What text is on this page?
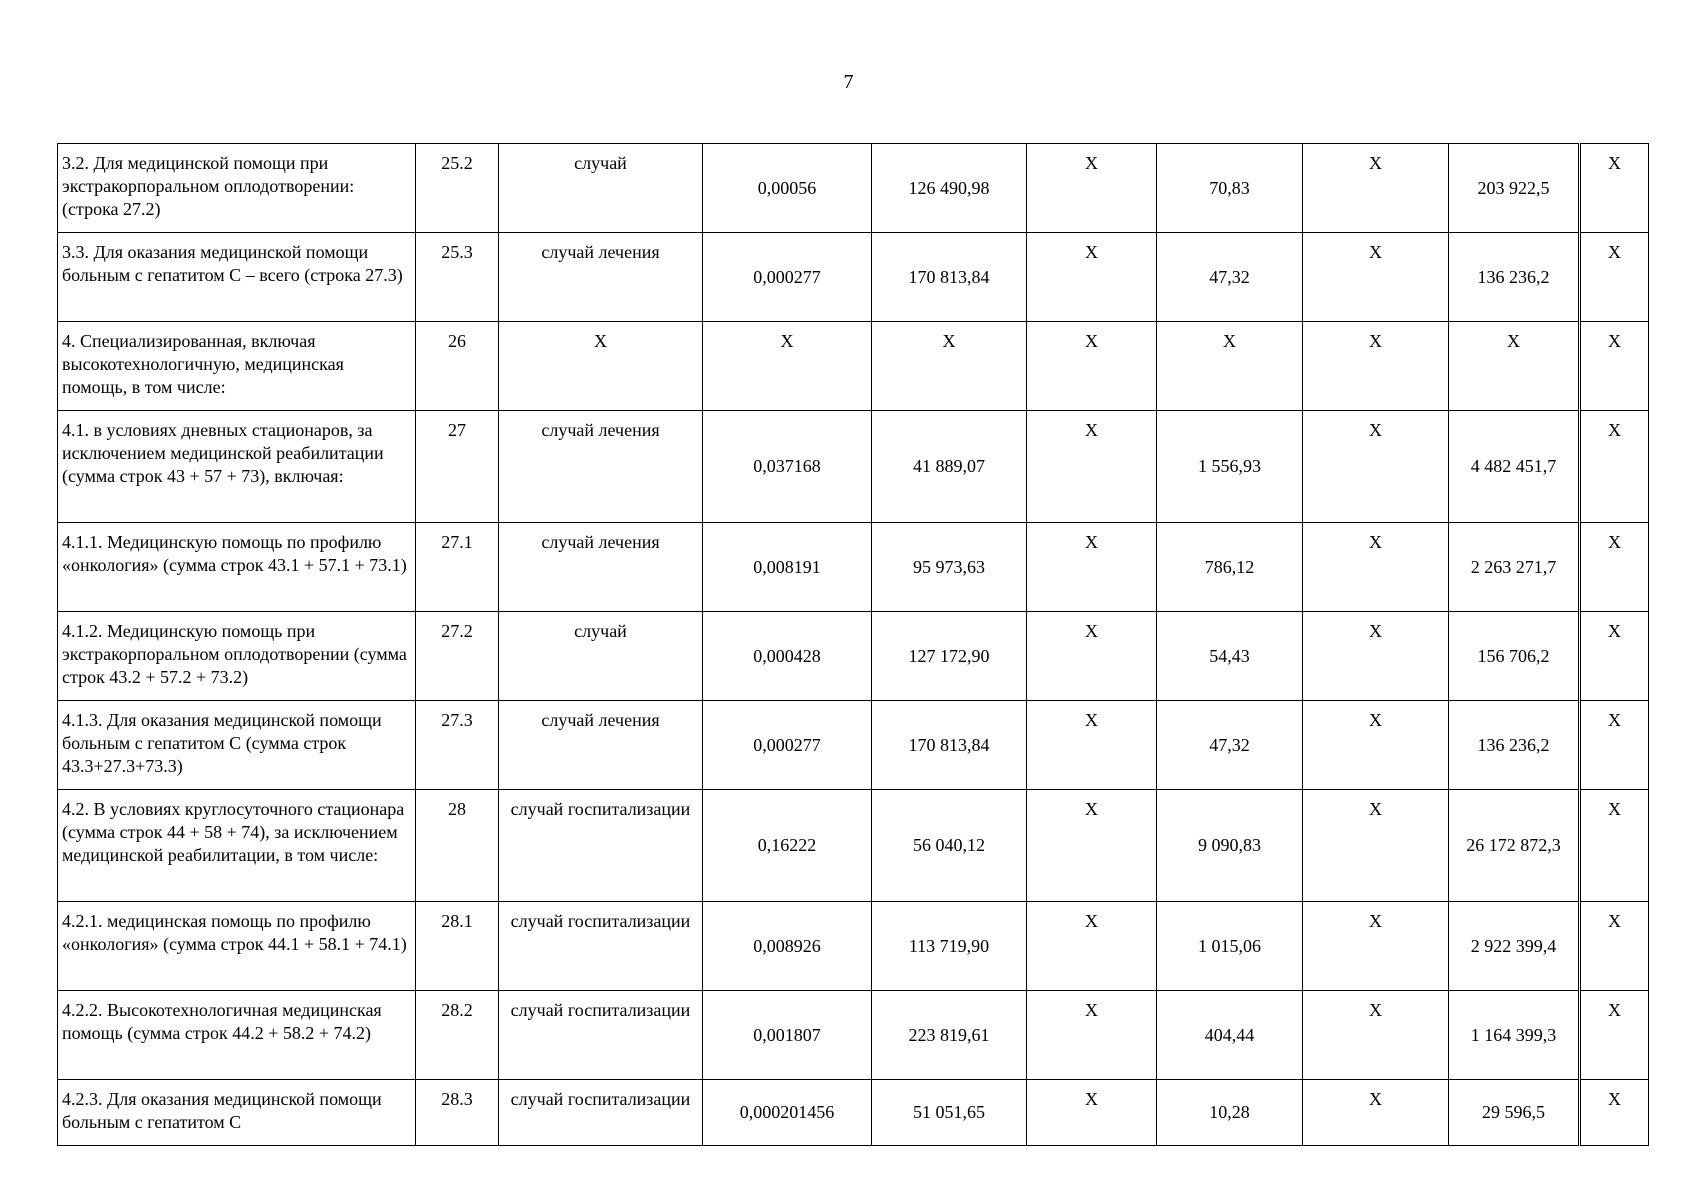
7
3.2. Для медицинской помощи при экстракорпоральном оплодотворении: (строка 27.2)	25.2	случай	0,00056	126 490,98	Х	70,83	Х	203 922,5		Х

3.3. Для оказания медицинской помощи больным с гепатитом С – всего (строка 27.3)	25.3	случай лечения	0,000277	170 813,84	Х	47,32	Х	136 236,2		Х

4. Специализированная, включая высокотехнологичную, медицинская помощь, в том числе:	26	Х	Х	Х	Х	Х	Х	Х		Х

4.1. в условиях дневных стационаров, за исключением медицинской реабилитации (сумма строк 43 + 57 + 73), включая:	27	случай лечения	0,037168	41 889,07	Х	1 556,93	Х	4 482 451,7		Х

4.1.1. Медицинскую помощь по профилю «онкология» (сумма строк 43.1 + 57.1 + 73.1)	27.1	случай лечения	0,008191	95 973,63	Х	786,12	Х	2 263 271,7		Х

4.1.2. Медицинскую помощь при экстракорпоральном оплодотворении (сумма строк 43.2 + 57.2 + 73.2)	27.2	случай	0,000428	127 172,90	Х	54,43	Х	156 706,2		Х

4.1.3. Для оказания медицинской помощи больным с гепатитом С (сумма строк 43.3+27.3+73.3)	27.3	случай лечения	0,000277	170 813,84	Х	47,32	Х	136 236,2		Х

4.2. В условиях круглосуточного стационара (сумма строк 44 + 58 + 74), за исключением медицинской реабилитации, в том числе:	28	случай госпитализации	0,16222	56 040,12	Х	9 090,83	Х	26 172 872,3		Х

4.2.1. медицинская помощь по профилю «онкология» (сумма строк 44.1 + 58.1 + 74.1)	28.1	случай госпитализации	0,008926	113 719,90	Х	1 015,06	Х	2 922 399,4		Х

4.2.2. Высокотехнологичная медицинская помощь (сумма строк 44.2 + 58.2 + 74.2)	28.2	случай госпитализации	0,001807	223 819,61	Х	404,44	Х	1 164 399,3		Х

4.2.3. Для оказания медицинской помощи больным с гепатитом С	28.3	случай госпитализации	0,000201456	51 051,65	Х	10,28	Х	29 596,5		Х
